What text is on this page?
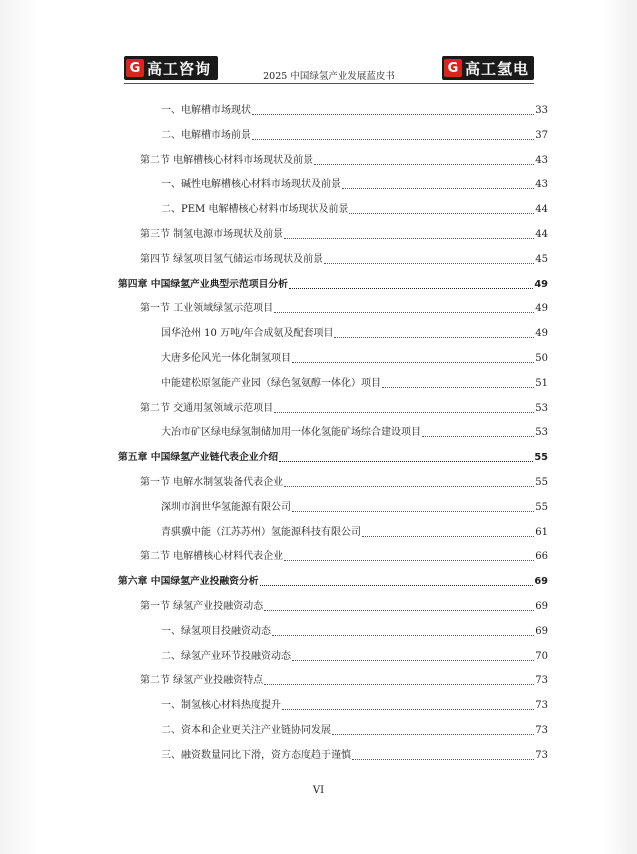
G 高工咨询	2025 中国绿氢产业发展蓝皮书
G 高工氢电
一、电解槽市场现状	33
二、电解槽市场前景	37
第二节 电解槽核心材料市场现状及前景	43
一、碱性电解槽核心材料市场现状及前景	43
二、PEM 电解槽核心材料市场现状及前景	44
第三节 制氢电源市场现状及前景	44
第四节 绿氢项目氢气储运市场现状及前景	45
第四章 中国绿氢产业典型示范项目分析	49
第一节 工业领域绿氢示范项目	49
国华沧州 10 万吨/年合成氨及配套项目	49
大唐多伦风光一体化制氢项目	50
中能建松原氢能产业园（绿色氢氨醇一体化）项目	51
第二节 交通用氢领域示范项目	53
大冶市矿区绿电绿氢制储加用一体化氢能矿场综合建设项目	53
第五章 中国绿氢产业链代表企业介绍	55
第一节 电解水制氢装备代表企业	55
深圳市润世华氢能源有限公司	55
青骐骥中能（江苏苏州）氢能源科技有限公司	61
第二节 电解槽核心材料代表企业	66
第六章 中国绿氢产业投融资分析	69
第一节 绿氢产业投融资动态	69
一、绿氢项目投融资动态	69
二、绿氢产业环节投融资动态	70
第二节 绿氢产业投融资特点	73
一、制氢核心材料热度提升	73
二、资本和企业更关注产业链协同发展	73
三、融资数量同比下滑，资方态度趋于谨慎	73
VI
